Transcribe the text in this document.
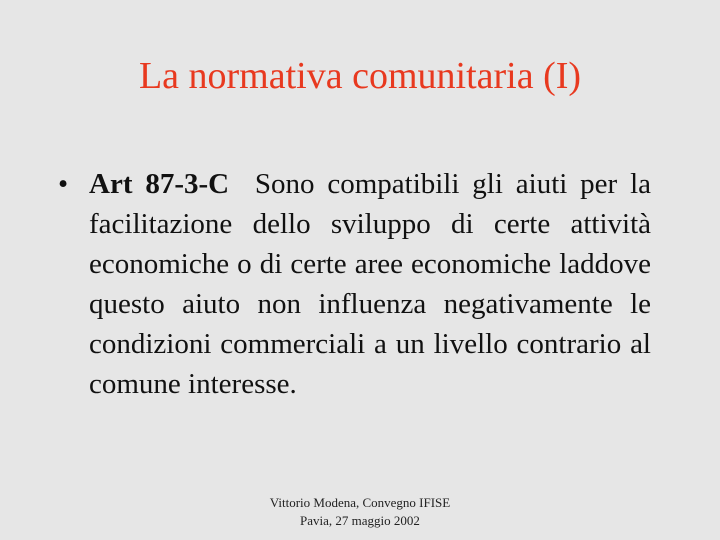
La normativa comunitaria (I)
• Art 87-3-C Sono compatibili gli aiuti per la facilitazione dello sviluppo di certe attività economiche o di certe aree economiche laddove questo aiuto non influenza negativamente le condizioni commerciali a un livello contrario al comune interesse.
Vittorio Modena, Convegno IFISE
Pavia, 27 maggio 2002
